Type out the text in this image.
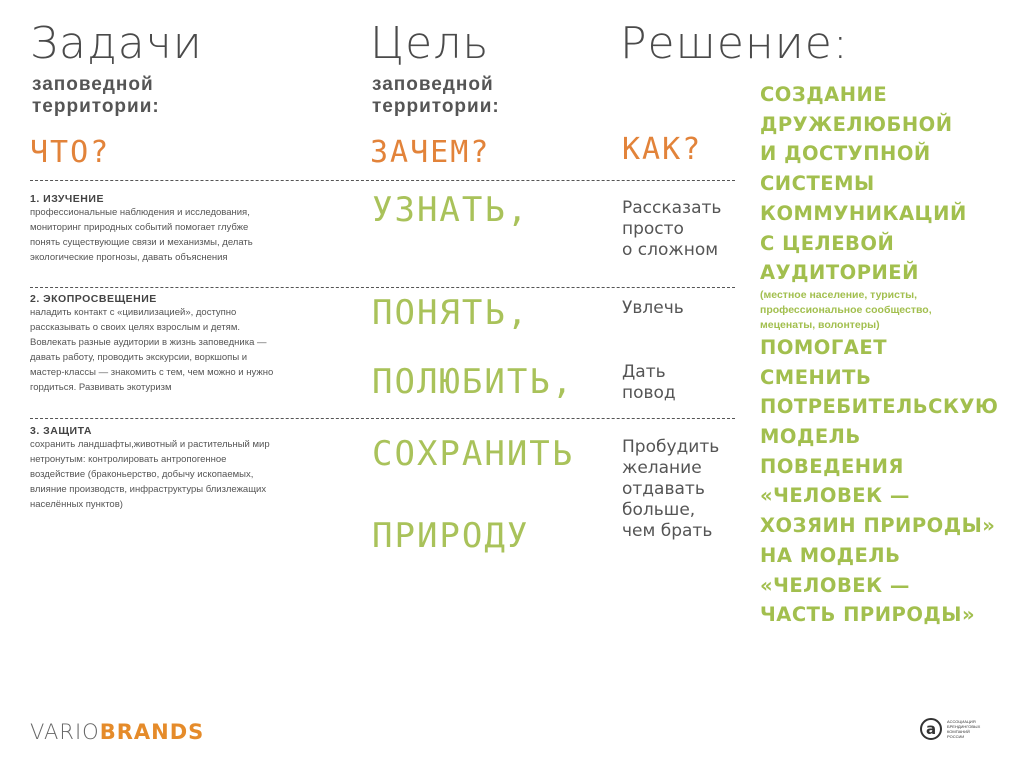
Задачи
заповедной
территории:
ЧТО?
Цель
заповедной
территории:
ЗАЧЕМ?
Решение:
КАК?
1. ИЗУЧЕНИЕ
профессиональные наблюдения и исследования,
мониторинг природных событий помогает глубже
понять существующие связи и механизмы, делать
экологические прогнозы, давать объяснения
2. ЭКОПРОСВЕЩЕНИЕ
наладить контакт с «цивилизацией», доступно
рассказывать о своих целях взрослым и детям.
Вовлекать разные аудитории в жизнь заповедника —
давать работу, проводить экскурсии, воркшопы и
мастер-классы — знакомить с тем, чем можно и нужно
гордиться. Развивать экотуризм
3. ЗАЩИТА
сохранить ландшафты,животный и растительный мир
нетронутым: контролировать антропогенное
воздействие (браконьерство, добычу ископаемых,
влияние производств, инфраструктуры близлежащих
населённых пунктов)
УЗНАТЬ,
ПОНЯТЬ,
ПОЛЮБИТЬ,
СОХРАНИТЬ
ПРИРОДУ
Рассказать
просто
о сложном
Увлечь
Дать
повод
Пробудить
желание
отдавать
больше,
чем брать
СОЗДАНИЕ
ДРУЖЕЛЮБНОЙ
И ДОСТУПНОЙ
СИСТЕМЫ
КОММУНИКАЦИЙ
С ЦЕЛЕВОЙ
АУДИТОРИЕЙ
(местное население, туристы,
профессиональное сообщество,
меценаты, волонтеры)
ПОМОГАЕТ
СМЕНИТЬ
ПОТРЕБИТЕЛЬСКУЮ
МОДЕЛЬ
ПОВЕДЕНИЯ
«ЧЕЛОВЕК —
ХОЗЯИН ПРИРОДЫ»
НА МОДЕЛЬ
«ЧЕЛОВЕК —
ЧАСТЬ ПРИРОДЫ»
VARIOBRANDS	a	АССОЦИАЦИЯ
БРЕНДИНГОВЫХ
КОМПАНИЙ
РОССИИ
